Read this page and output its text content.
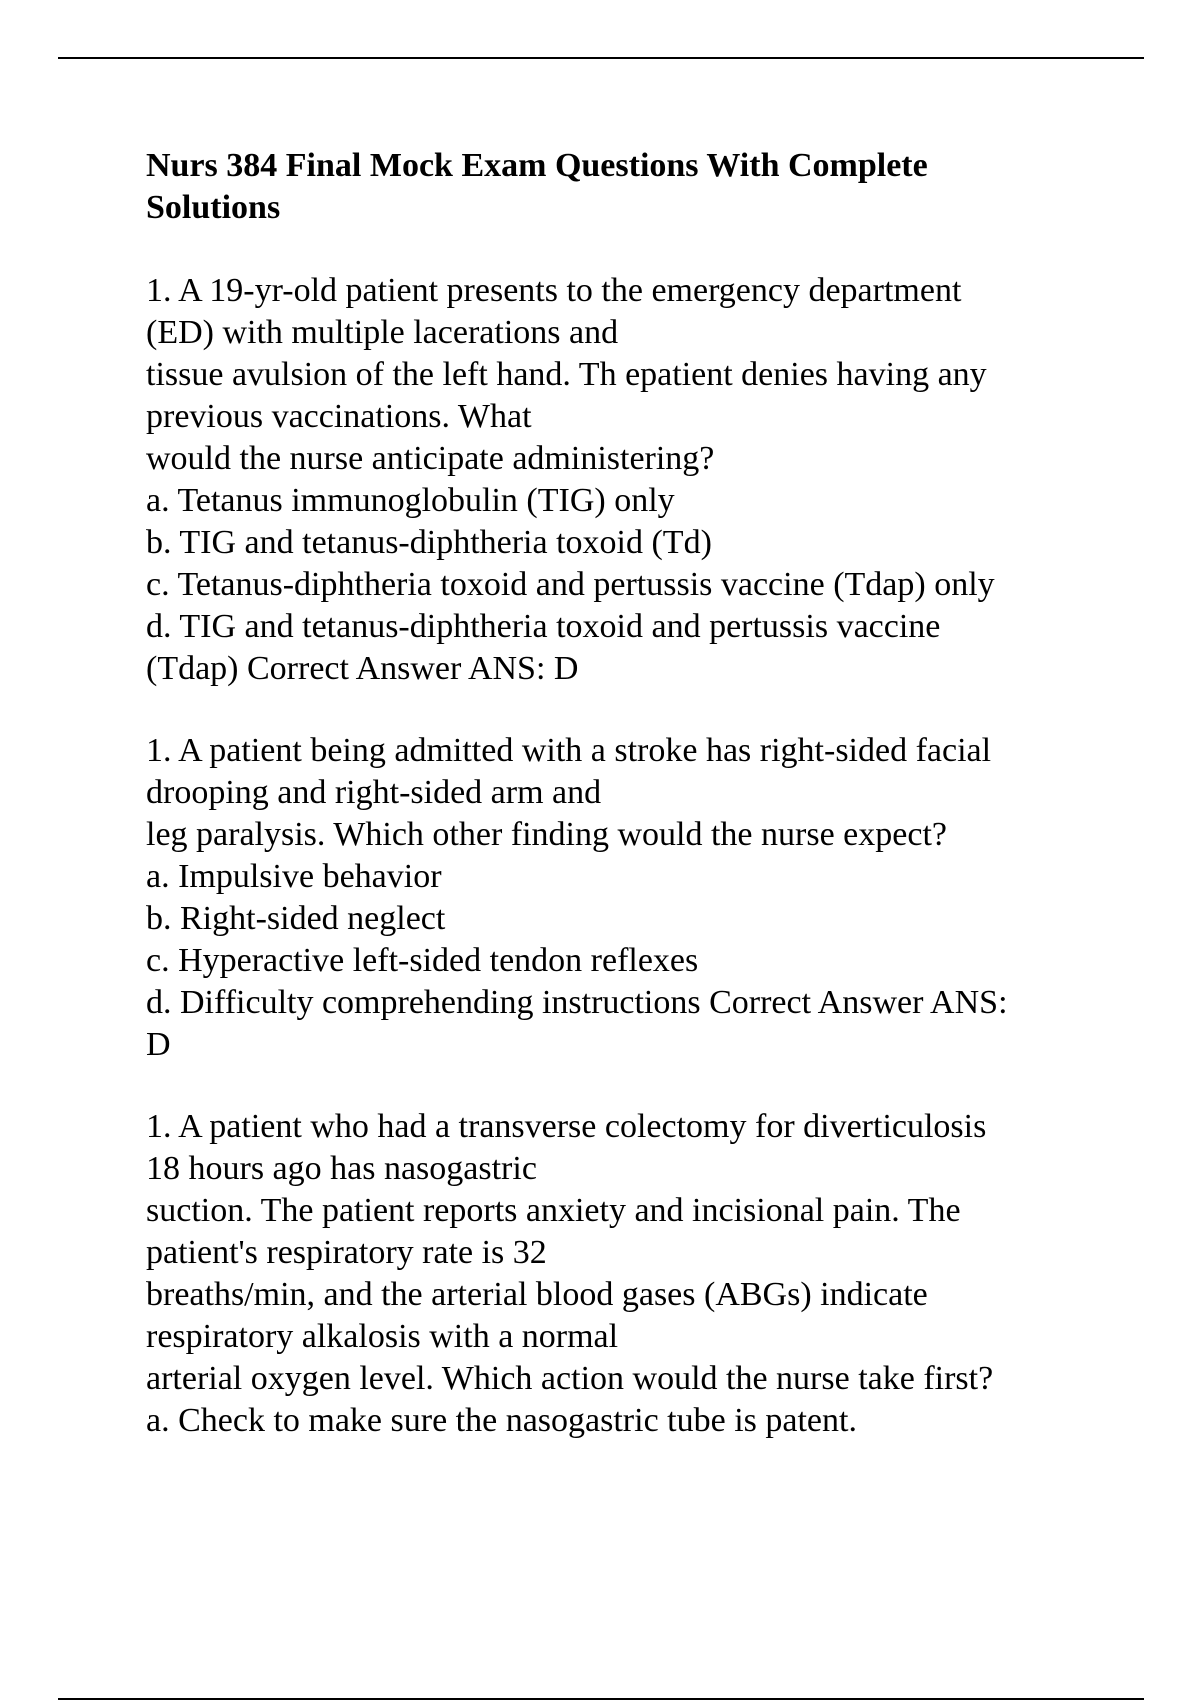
Nurs 384 Final Mock Exam Questions With Complete Solutions
1. A 19-yr-old patient presents to the emergency department
(ED) with multiple lacerations and
tissue avulsion of the left hand. Th epatient denies having any
previous vaccinations. What
would the nurse anticipate administering?
a. Tetanus immunoglobulin (TIG) only
b. TIG and tetanus-diphtheria toxoid (Td)
c. Tetanus-diphtheria toxoid and pertussis vaccine (Tdap) only
d. TIG and tetanus-diphtheria toxoid and pertussis vaccine
(Tdap) Correct Answer ANS: D
1. A patient being admitted with a stroke has right-sided facial
drooping and right-sided arm and
leg paralysis. Which other finding would the nurse expect?
a. Impulsive behavior
b. Right-sided neglect
c. Hyperactive left-sided tendon reflexes
d. Difficulty comprehending instructions Correct Answer ANS:
D
1. A patient who had a transverse colectomy for diverticulosis
18 hours ago has nasogastric
suction. The patient reports anxiety and incisional pain. The
patient's respiratory rate is 32
breaths/min, and the arterial blood gases (ABGs) indicate
respiratory alkalosis with a normal
arterial oxygen level. Which action would the nurse take first?
a. Check to make sure the nasogastric tube is patent.
